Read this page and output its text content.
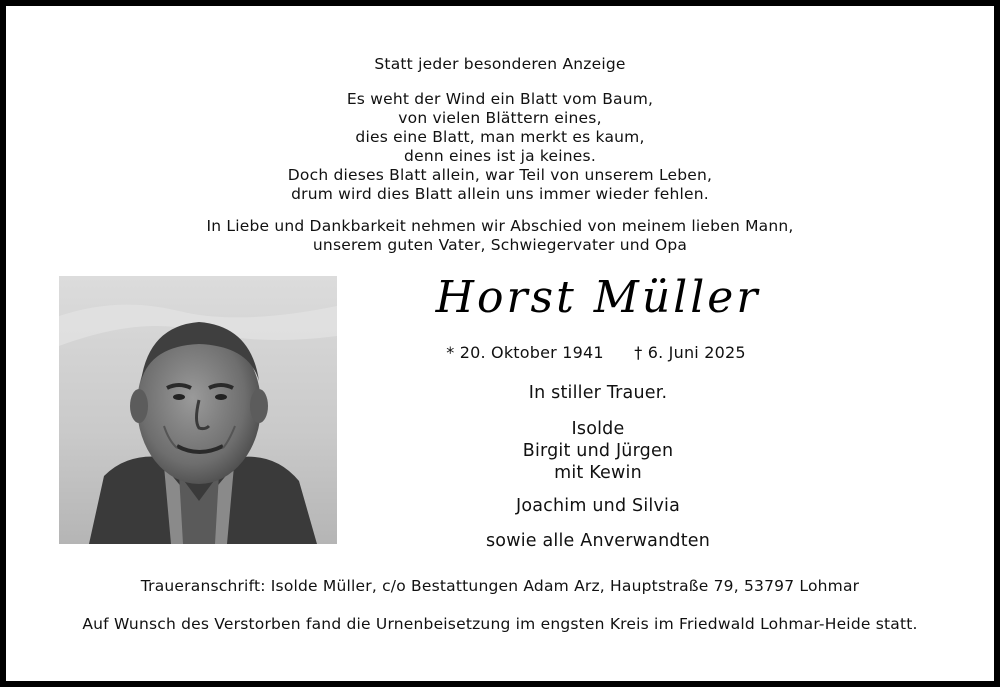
Statt jeder besonderen Anzeige
Es weht der Wind ein Blatt vom Baum,
von vielen Blättern eines,
dies eine Blatt, man merkt es kaum,
denn eines ist ja keines.
Doch dieses Blatt allein, war Teil von unserem Leben,
drum wird dies Blatt allein uns immer wieder fehlen.
In Liebe und Dankbarkeit nehmen wir Abschied von meinem lieben Mann,
unserem guten Vater, Schwiegervater und Opa
Horst Müller
* 20. Oktober 1941	† 6. Juni 2025
In stiller Trauer.
Isolde
Birgit und Jürgen
mit Kewin
Joachim und Silvia
sowie alle Anverwandten
Traueranschrift: Isolde Müller, c/o Bestattungen Adam Arz, Hauptstraße 79, 53797 Lohmar
Auf Wunsch des Verstorben fand die Urnenbeisetzung im engsten Kreis im Friedwald Lohmar-Heide statt.
